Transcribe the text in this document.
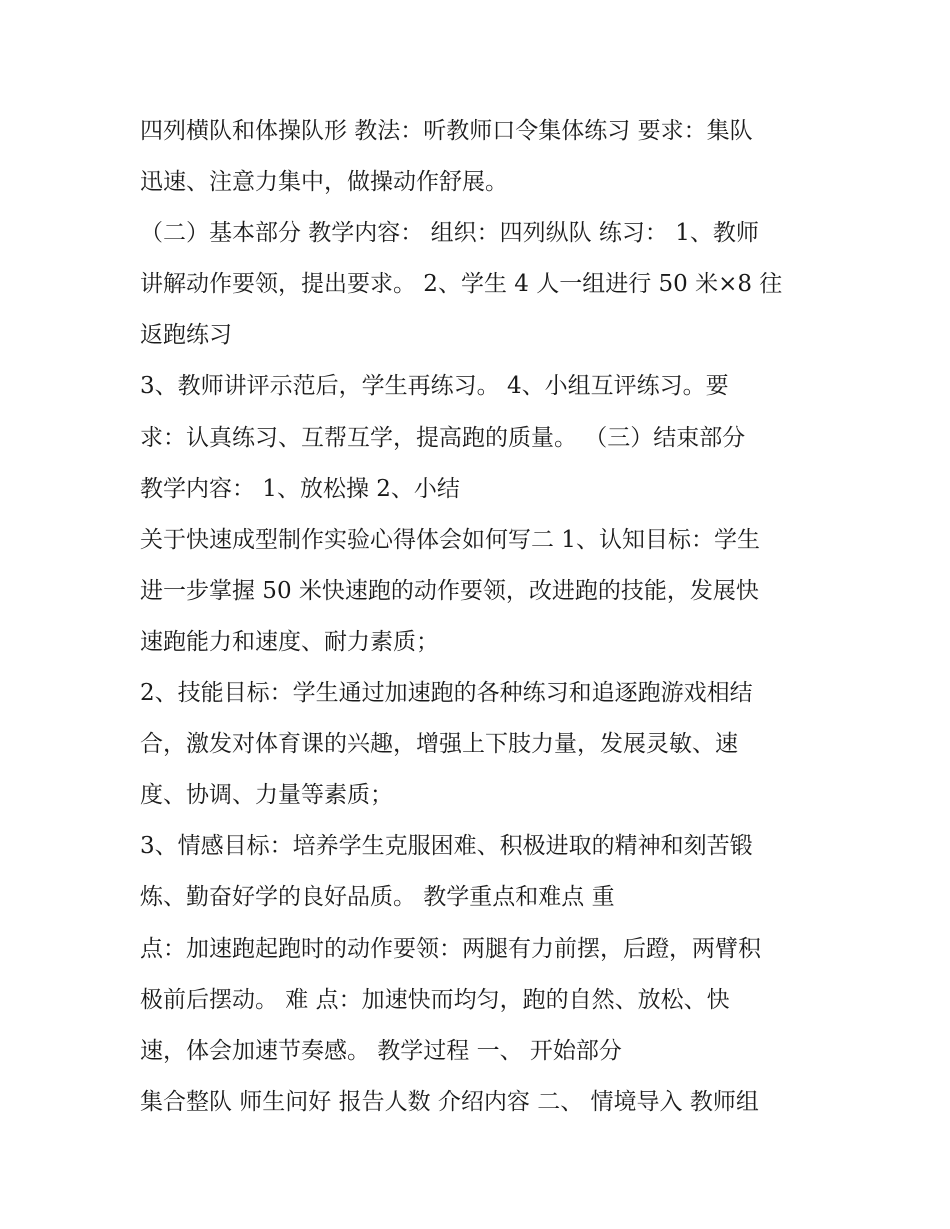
四列横队和体操队形 教法：听教师口令集体练习 要求：集队
迅速、注意力集中，做操动作舒展。
（二）基本部分 教学内容： 组织：四列纵队 练习： 1、教师
讲解动作要领，提出要求。 2、学生 4 人一组进行 50 米×8 往
返跑练习
3、教师讲评示范后，学生再练习。 4、小组互评练习。要
求：认真练习、互帮互学，提高跑的质量。 （三）结束部分
教学内容： 1、放松操 2、小结
关于快速成型制作实验心得体会如何写二 1、认知目标：学生
进一步掌握 50 米快速跑的动作要领，改进跑的技能，发展快
速跑能力和速度、耐力素质；
2、技能目标：学生通过加速跑的各种练习和追逐跑游戏相结
合，激发对体育课的兴趣，增强上下肢力量，发展灵敏、速
度、协调、力量等素质；
3、情感目标：培养学生克服困难、积极进取的精神和刻苦锻
炼、勤奋好学的良好品质。 教学重点和难点 重
点：加速跑起跑时的动作要领：两腿有力前摆，后蹬，两臂积
极前后摆动。 难 点：加速快而均匀，跑的自然、放松、快
速，体会加速节奏感。 教学过程 一、 开始部分
集合整队 师生问好 报告人数 介绍内容 二、 情境导入 教师组
